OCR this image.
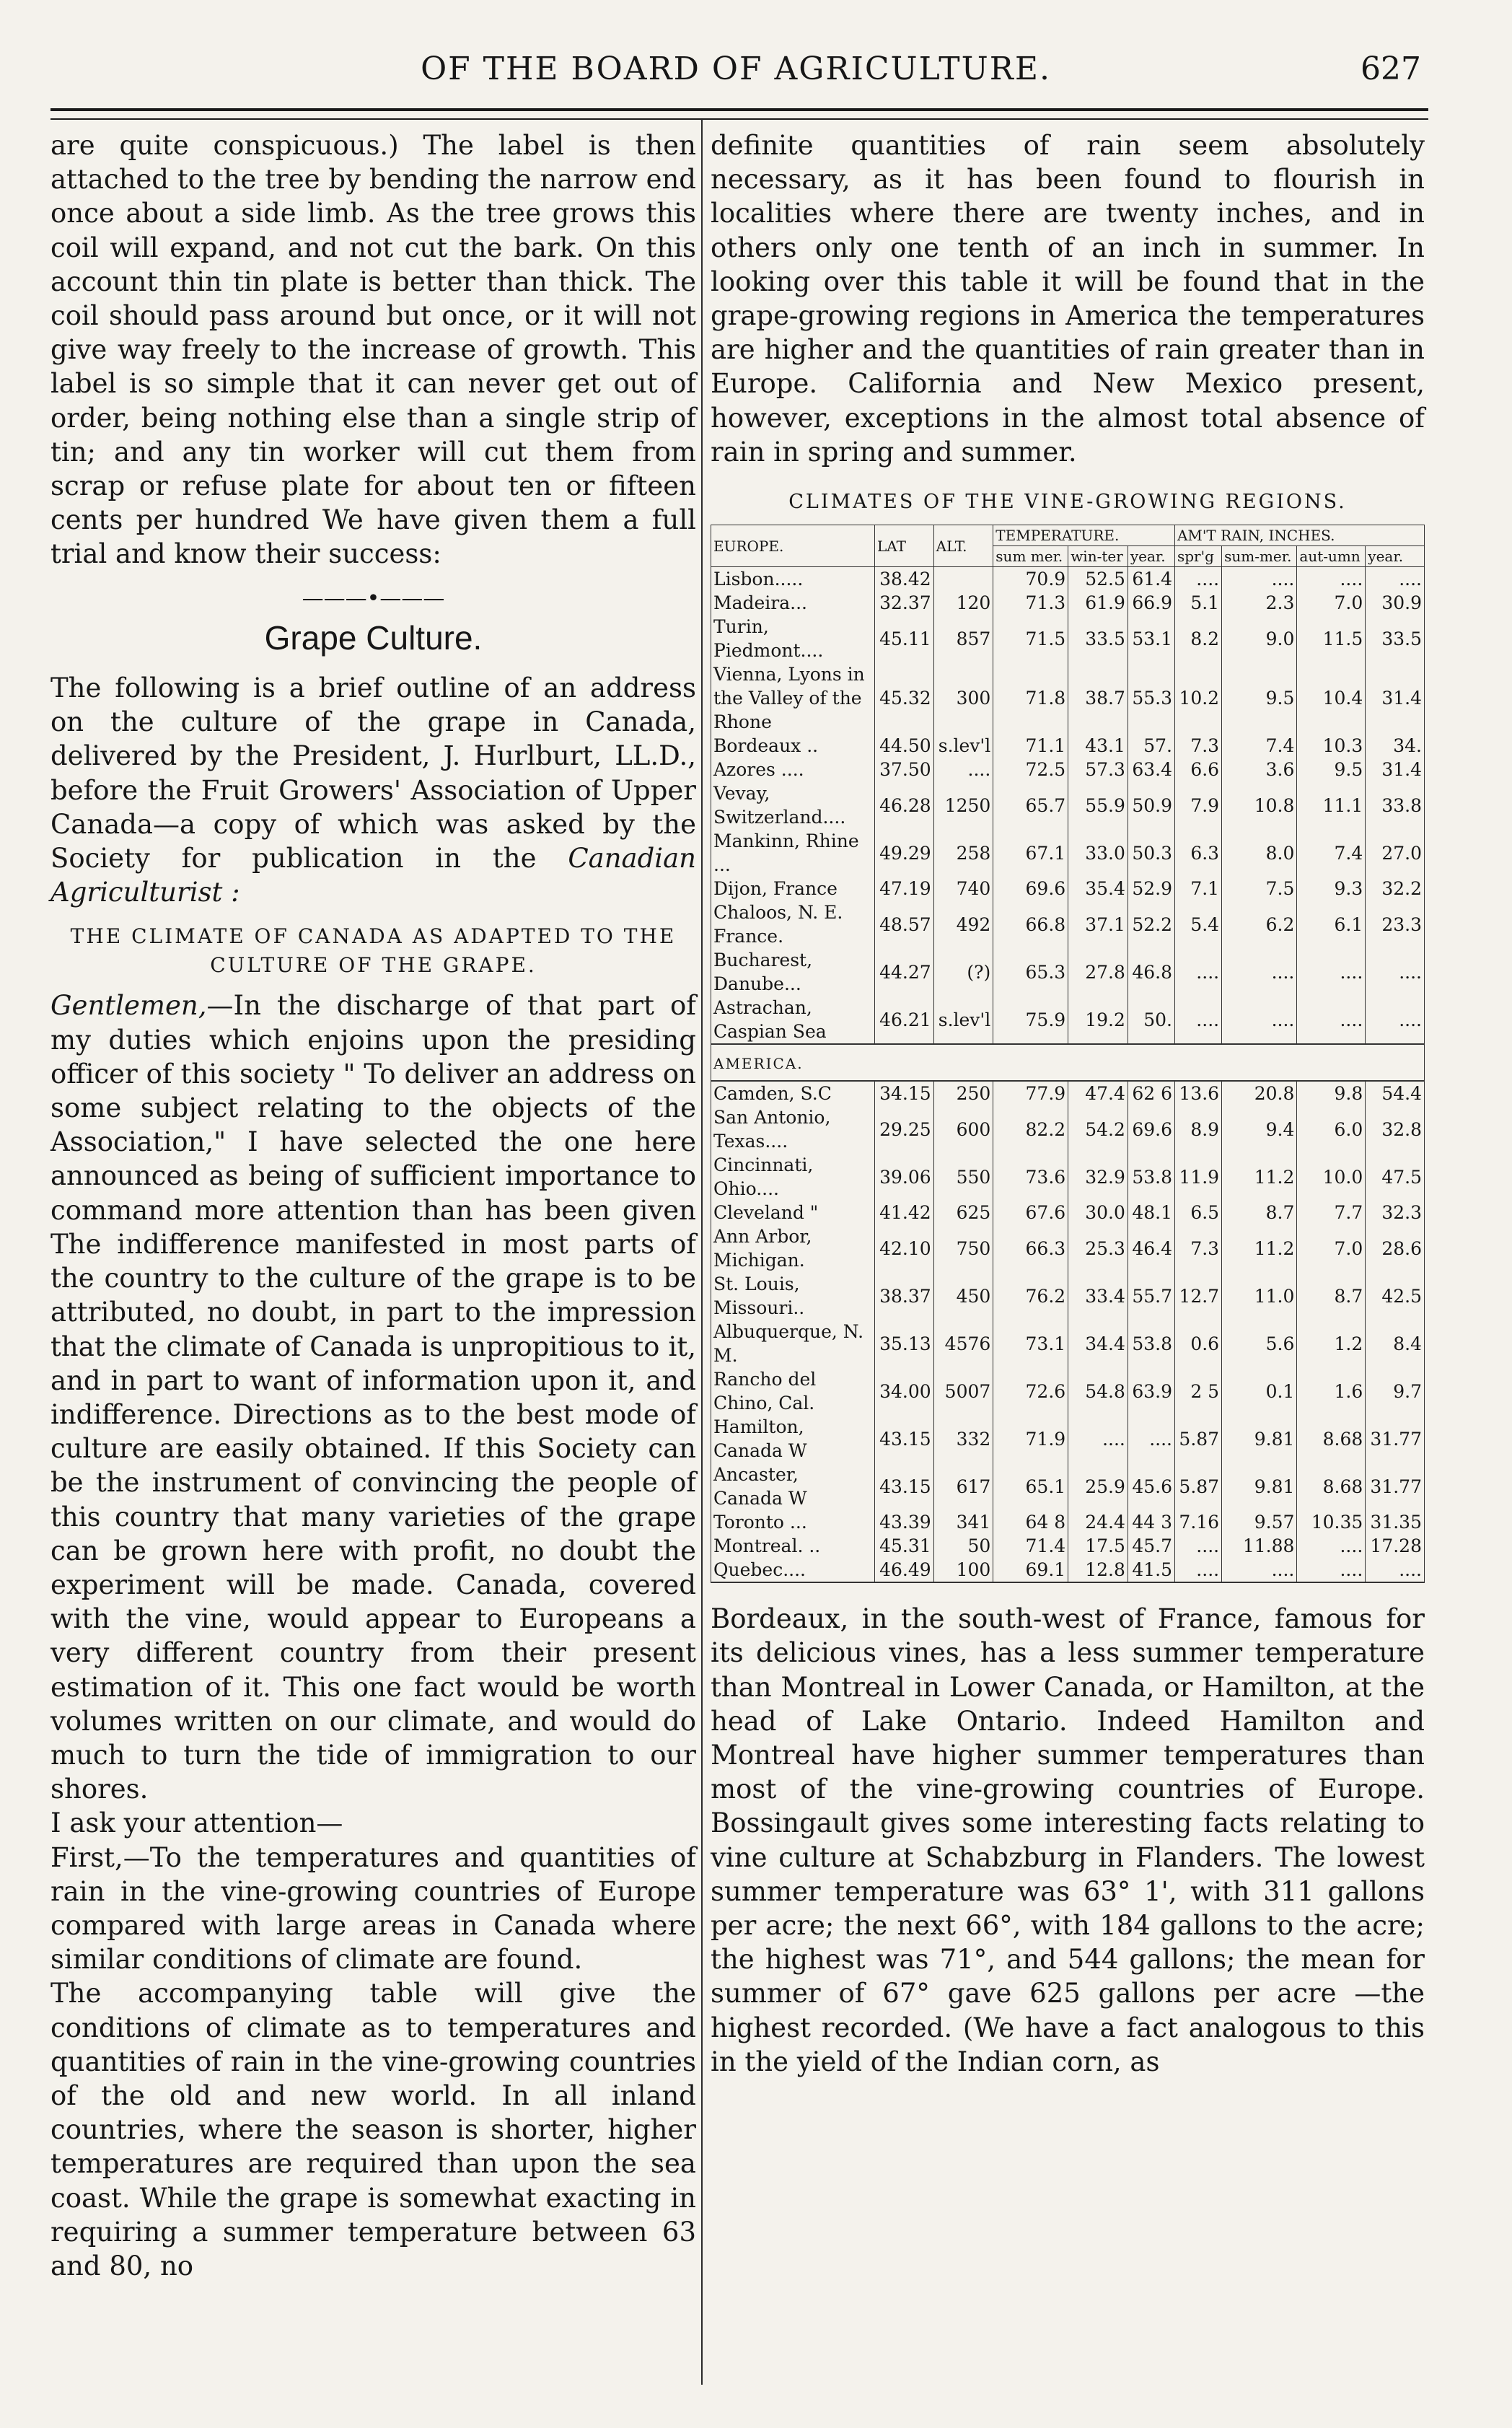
OF THE BOARD OF AGRICULTURE.	627

are quite conspicuous.) The label is then attached to the tree by bending the narrow end once about a side limb. As the tree grows this coil will expand, and not cut the bark. On this account thin tin plate is better than thick. The coil should pass around but once, or it will not give way freely to the increase of growth. This label is so simple that it can never get out of order, being nothing else than a single strip of tin; and any tin worker will cut them from scrap or refuse plate for about ten or fifteen cents per hundred We have given them a full trial and know their success:

———•———
Grape Culture.

The following is a brief outline of an address on the culture of the grape in Canada, delivered by the President, J. Hurlburt, LL.D., before the Fruit Growers' Association of Upper Canada—a copy of which was asked by the Society for publication in the Canadian Agriculturist :

THE CLIMATE OF CANADA AS ADAPTED TO THE CULTURE OF THE GRAPE.

Gentlemen,—In the discharge of that part of my duties which enjoins upon the presiding officer of this society " To deliver an address on some subject relating to the objects of the Association," I have selected the one here announced as being of sufficient importance to command more attention than has been given The indifference manifested in most parts of the country to the culture of the grape is to be attributed, no doubt, in part to the impression that the climate of Canada is unpropitious to it, and in part to want of information upon it, and indifference. Directions as to the best mode of culture are easily obtained. If this Society can be the instrument of convincing the people of this country that many varieties of the grape can be grown here with profit, no doubt the experiment will be made. Canada, covered with the vine, would appear to Europeans a very different country from their present estimation of it. This one fact would be worth volumes written on our climate, and would do much to turn the tide of immigration to our shores.

I ask your attention—

First,—To the temperatures and quantities of rain in the vine-growing countries of Europe compared with large areas in Canada where similar conditions of climate are found.

The accompanying table will give the conditions of climate as to temperatures and quantities of rain in the vine-growing countries of the old and new world. In all inland countries, where the season is shorter, higher temperatures are required than upon the sea coast. While the grape is somewhat exacting in requiring a summer temperature between 63 and 80, no

definite quantities of rain seem absolutely necessary, as it has been found to flourish in localities where there are twenty inches, and in others only one tenth of an inch in summer. In looking over this table it will be found that in the grape-growing regions in America the temperatures are higher and the quantities of rain greater than in Europe. California and New Mexico present, however, exceptions in the almost total absence of rain in spring and summer.

CLIMATES OF THE VINE-GROWING REGIONS.
EUROPE.	LAT	ALT.	TEMPERATURE.			AM'T RAIN, INCHES.			
			sum mer.	win-ter	year.	spr'g	sum-mer.	aut-umn	year.
Lisbon.....	38.42		70.9	52.5	61.4	....	....	....	....
Madeira...	32.37	120	71.3	61.9	66.9	5.1	2.3	7.0	30.9
Turin, Piedmont....	45.11	857	71.5	33.5	53.1	8.2	9.0	11.5	33.5
Vienna, Lyons in the Valley of the Rhone	45.32	300	71.8	38.7	55.3	10.2	9.5	10.4	31.4
Bordeaux ..	44.50	s.lev'l	71.1	43.1	57.	7.3	7.4	10.3	34.
Azores ....	37.50	....	72.5	57.3	63.4	6.6	3.6	9.5	31.4
Vevay, Switzerland....	46.28	1250	65.7	55.9	50.9	7.9	10.8	11.1	33.8
Mankinn, Rhine ...	49.29	258	67.1	33.0	50.3	6.3	8.0	7.4	27.0
Dijon, France	47.19	740	69.6	35.4	52.9	7.1	7.5	9.3	32.2
Chaloos, N. E. France.	48.57	492	66.8	37.1	52.2	5.4	6.2	6.1	23.3
Bucharest, Danube...	44.27	(?)	65.3	27.8	46.8	....	....	....	....
Astrachan, Caspian Sea	46.21	s.lev'l	75.9	19.2	50.	....	....	....	....
AMERICA.									
Camden, S.C	34.15	250	77.9	47.4	62 6	13.6	20.8	9.8	54.4
San Antonio, Texas....	29.25	600	82.2	54.2	69.6	8.9	9.4	6.0	32.8
Cincinnati, Ohio....	39.06	550	73.6	32.9	53.8	11.9	11.2	10.0	47.5
Cleveland "	41.42	625	67.6	30.0	48.1	6.5	8.7	7.7	32.3
Ann Arbor, Michigan.	42.10	750	66.3	25.3	46.4	7.3	11.2	7.0	28.6
St. Louis, Missouri..	38.37	450	76.2	33.4	55.7	12.7	11.0	8.7	42.5
Albuquerque, N. M.	35.13	4576	73.1	34.4	53.8	0.6	5.6	1.2	8.4
Rancho del Chino, Cal.	34.00	5007	72.6	54.8	63.9	2 5	0.1	1.6	9.7
Hamilton, Canada W	43.15	332	71.9	....	....	5.87	9.81	8.68	31.77
Ancaster, Canada W	43.15	617	65.1	25.9	45.6	5.87	9.81	8.68	31.77
Toronto ...	43.39	341	64 8	24.4	44 3	7.16	9.57	10.35	31.35
Montreal. ..	45.31	50	71.4	17.5	45.7	....	11.88	....	17.28
Quebec....	46.49	100	69.1	12.8	41.5	....	....	....	....

Bordeaux, in the south-west of France, famous for its delicious vines, has a less summer temperature than Montreal in Lower Canada, or Hamilton, at the head of Lake Ontario. Indeed Hamilton and Montreal have higher summer temperatures than most of the vine-growing countries of Europe. Bossingault gives some interesting facts relating to vine culture at Schabzburg in Flanders. The lowest summer temperature was 63° 1', with 311 gallons per acre; the next 66°, with 184 gallons to the acre; the highest was 71°, and 544 gallons; the mean for summer of 67° gave 625 gallons per acre —the highest recorded. (We have a fact analogous to this in the yield of the Indian corn, as
